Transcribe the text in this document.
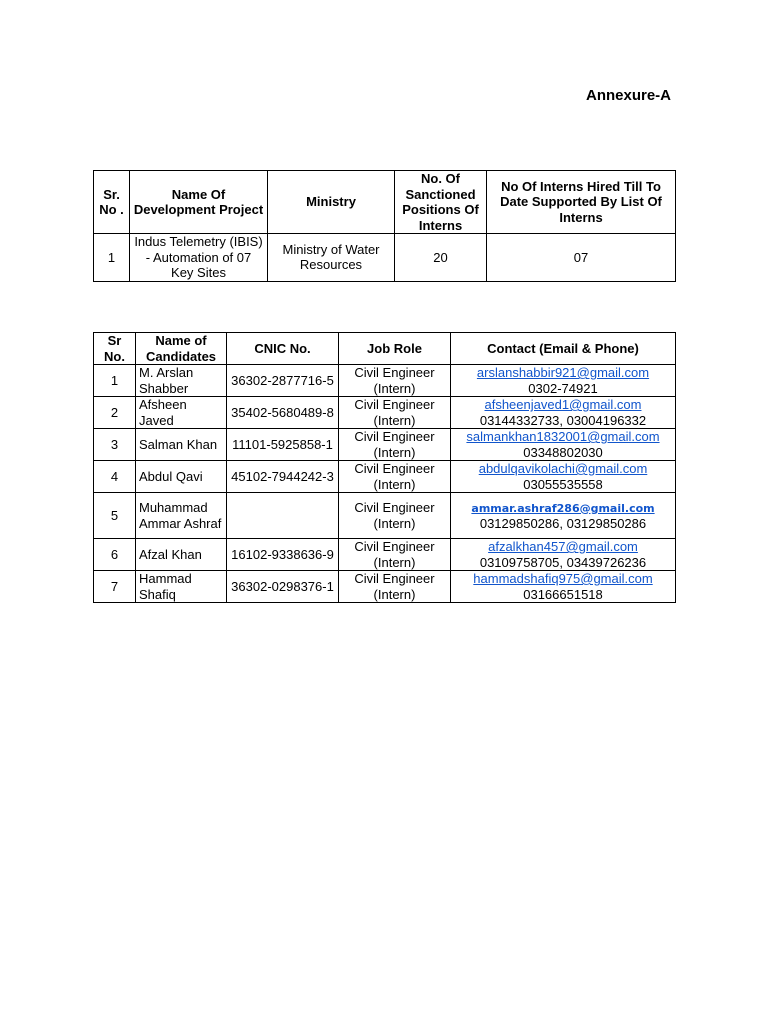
Annexure-A
Sr. No .	Name Of Development Project	Ministry	No. Of Sanctioned Positions Of Interns	No Of Interns Hired Till To Date Supported By List Of Interns
1	Indus Telemetry (IBIS) - Automation of 07 Key Sites	Ministry of Water Resources	20	07
Sr No.	Name of Candidates	CNIC No.	Job Role	Contact (Email & Phone)
1	M. Arslan Shabber	36302-2877716-5	Civil Engineer (Intern)	arslanshabbir921@gmail.com
0302-74921
2	Afsheen Javed	35402-5680489-8	Civil Engineer (Intern)	afsheenjaved1@gmail.com
03144332733, 03004196332
3	Salman Khan	11101-5925858-1	Civil Engineer (Intern)	salmankhan1832001@gmail.com
03348802030
4	Abdul Qavi	45102-7944242-3	Civil Engineer (Intern)	abdulqavikolachi@gmail.com
03055535558
5	Muhammad Ammar Ashraf		Civil Engineer (Intern)	ammar.ashraf286@gmail.com
03129850286, 03129850286
6	Afzal Khan	16102-9338636-9	Civil Engineer (Intern)	afzalkhan457@gmail.com
03109758705, 03439726236
7	Hammad Shafiq	36302-0298376-1	Civil Engineer (Intern)	hammadshafiq975@gmail.com
03166651518
